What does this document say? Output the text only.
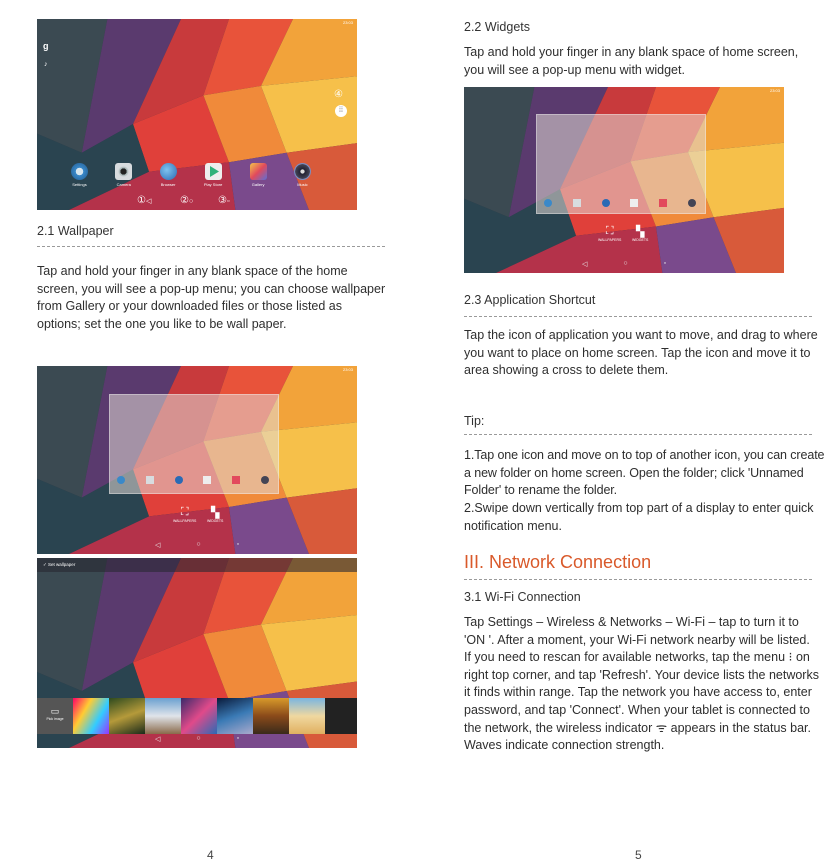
23:03
g
♪
④
⁞⁞
Settings	Camera	Browser	Play Store	Gallery	Music
①◁	②○ ③▫
2.1 Wallpaper
Tap and hold your finger in any blank space of the home screen, you will see a pop-up menu; you can choose wallpaper from Gallery or your downloaded files or those listed as options; set the one you like to be wall paper.
23:03
⛶
WALLPAPERS
▚
WIDGETS
◁	○	▫
✓ Set wallpaper
▭
Pick image
◁	○	▫
4
2.2 Widgets
Tap and hold your finger in any blank space of home screen, you will see a pop-up menu with widget.
23:03
⛶
WALLPAPERS
▚
WIDGETS
◁	○	▫
2.3 Application Shortcut
Tap the icon of application you want to move, and drag to where you want to place on home screen. Tap the icon and move it to area showing a cross to delete them.
Tip:
1.Tap one icon and move on to top of another icon, you can create a new folder on home screen. Open the folder; click 'Unnamed Folder' to rename the folder.
2.Swipe down vertically from top part of a display to enter quick notification menu.
III. Network Connection
3.1 Wi-Fi Connection
Tap Settings – Wireless & Networks – Wi-Fi – tap to turn it to 'ON '. After a moment, your Wi-Fi network nearby will be listed. If you need to rescan for available networks, tap the menu ⁝ on right top corner, and tap 'Refresh'. Your device lists the networks it finds within range. Tap the network you have access to, enter password, and tap 'Connect'. When your tablet is connected to the network, the wireless indicator ᯤ appears in the status bar. Waves indicate connection strength.
5
